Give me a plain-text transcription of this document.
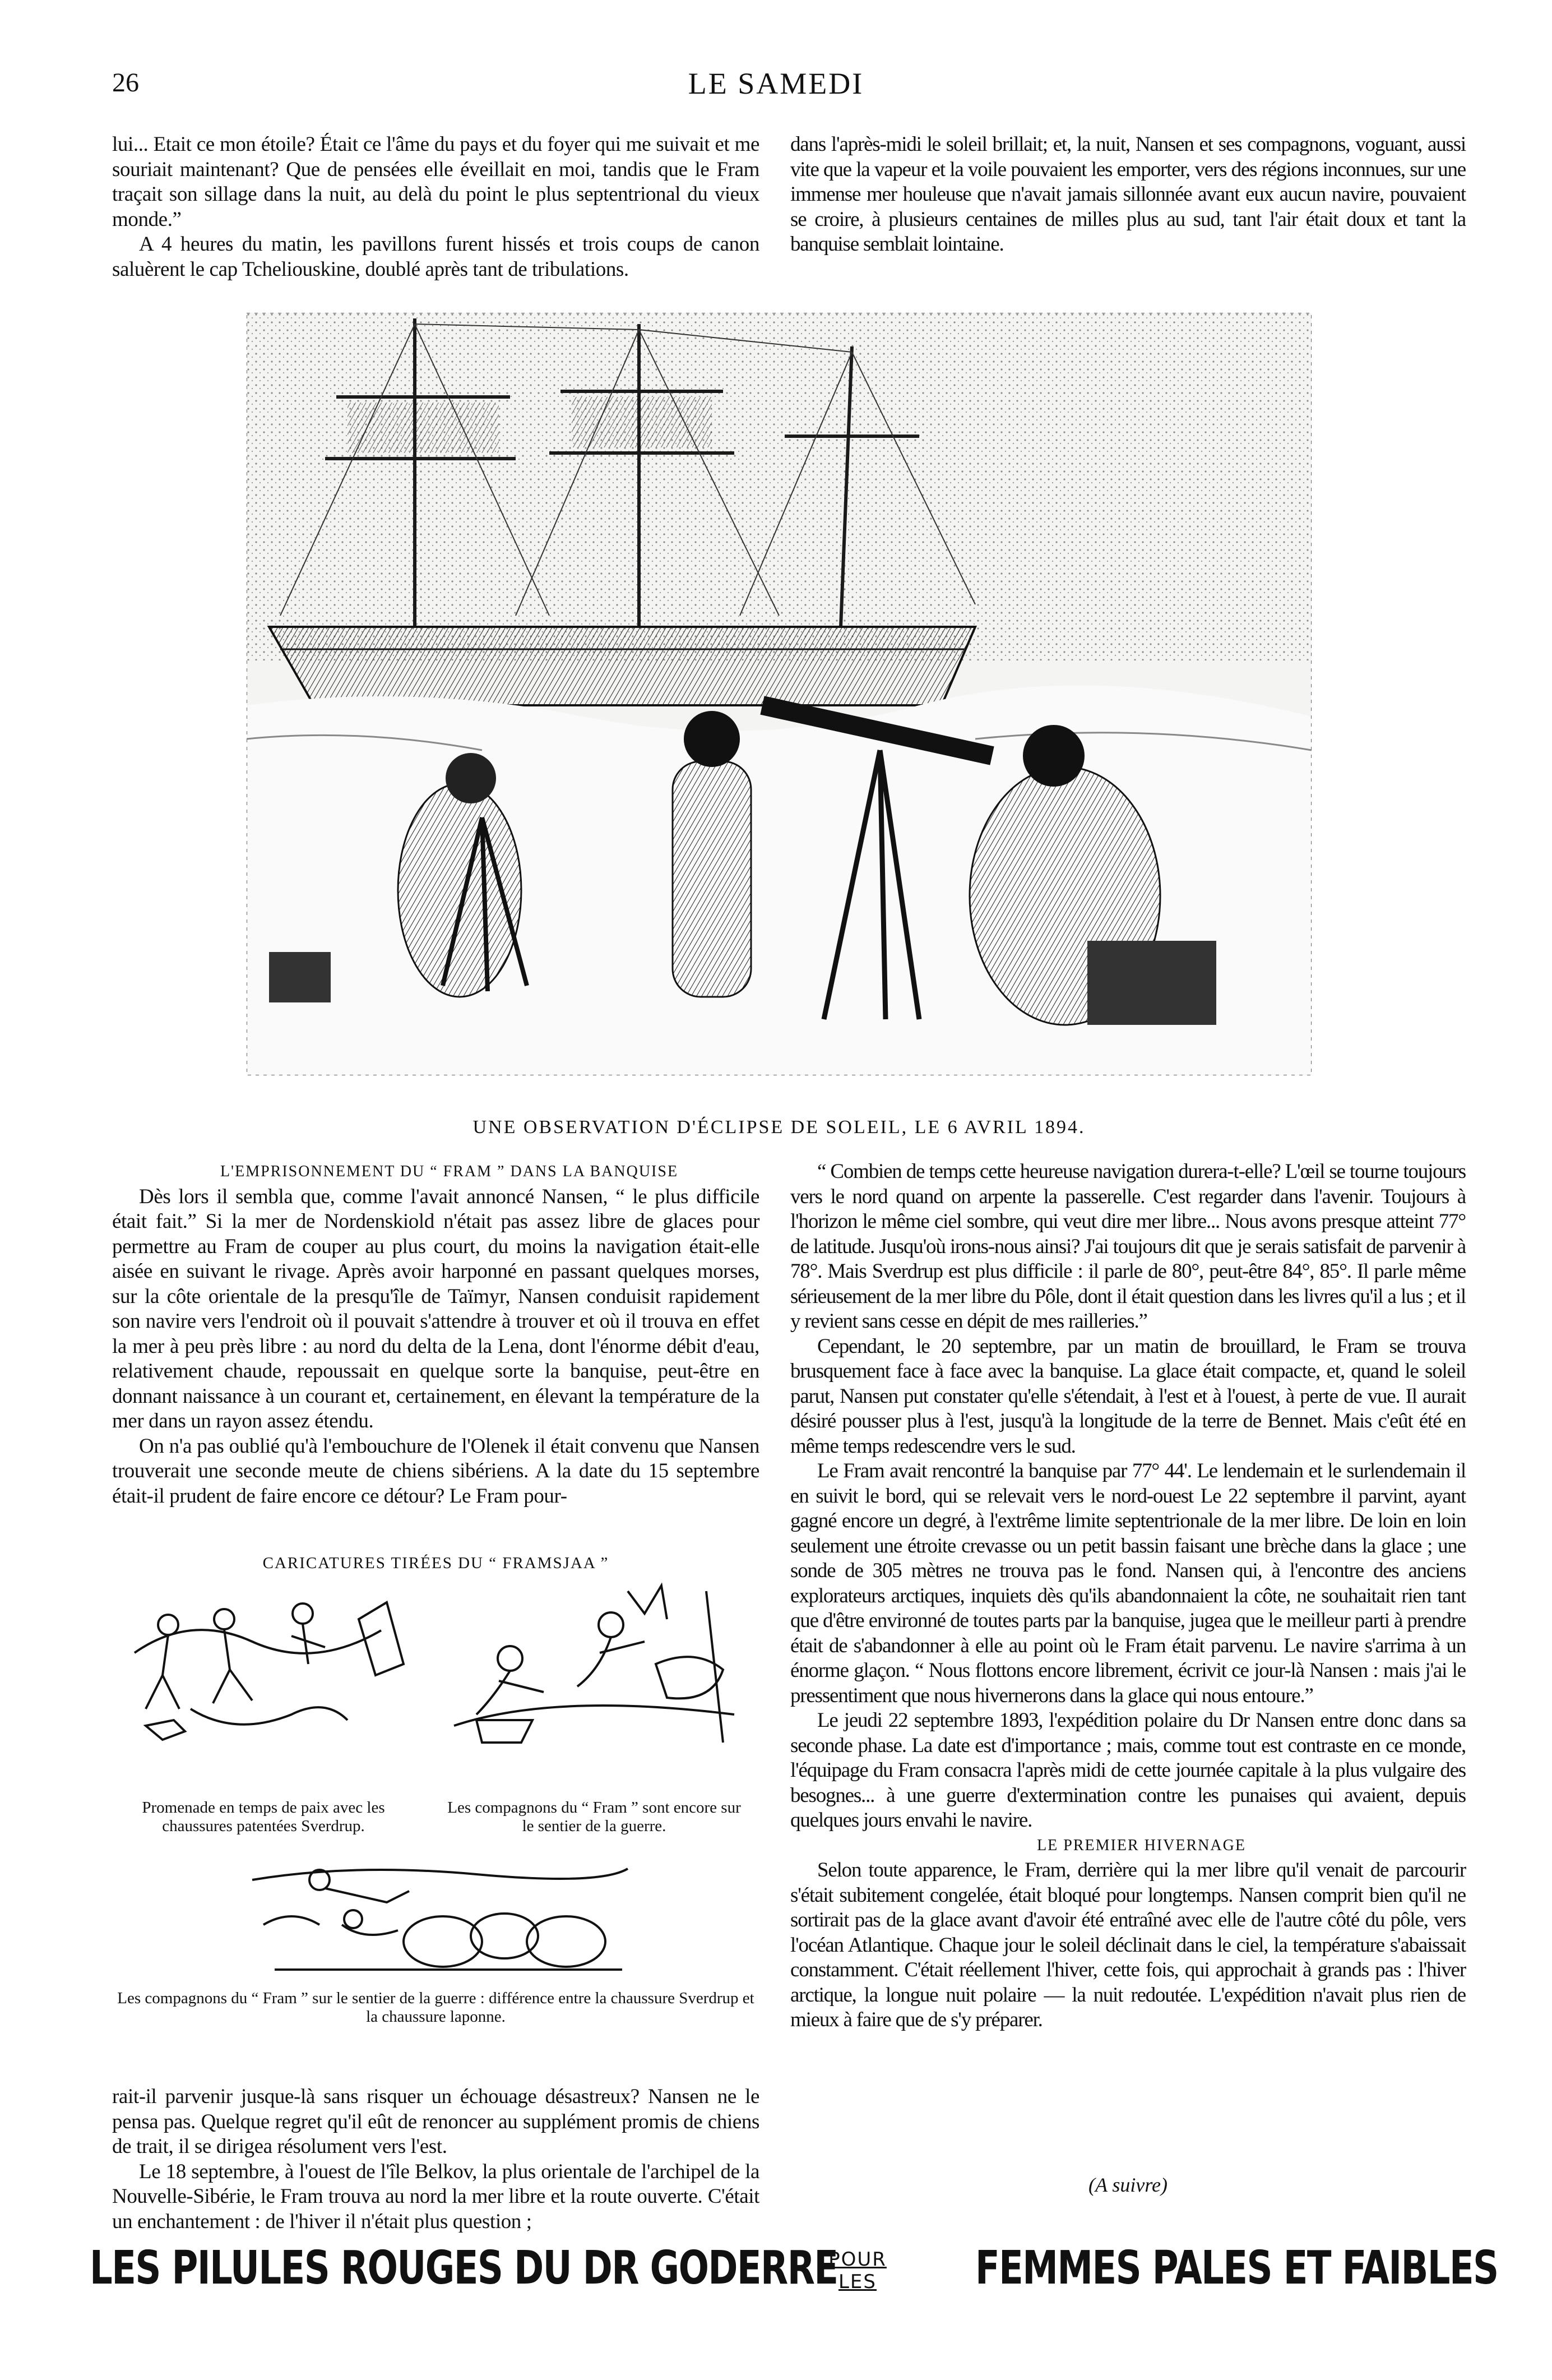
26	LE SAMEDI

lui... Etait ce mon étoile? Était ce l'âme du pays et du foyer qui me suivait et me souriait maintenant? Que de pensées elle éveillait en moi, tandis que le Fram traçait son sillage dans la nuit, au delà du point le plus septentrional du vieux monde.”

A 4 heures du matin, les pavillons furent hissés et trois coups de canon saluèrent le cap Tcheliouskine, doublé après tant de tribulations.

dans l'après-midi le soleil brillait; et, la nuit, Nansen et ses compagnons, voguant, aussi vite que la vapeur et la voile pouvaient les emporter, vers des régions inconnues, sur une immense mer houleuse que n'avait jamais sillonnée avant eux aucun navire, pouvaient se croire, à plusieurs centaines de milles plus au sud, tant l'air était doux et tant la banquise semblait lointaine.

UNE OBSERVATION D'ÉCLIPSE DE SOLEIL, LE 6 AVRIL 1894.

L'EMPRISONNEMENT DU “ FRAM ” DANS LA BANQUISE

Dès lors il sembla que, comme l'avait annoncé Nansen, “ le plus difficile était fait.” Si la mer de Nordenskiold n'était pas assez libre de glaces pour permettre au Fram de couper au plus court, du moins la navigation était-elle aisée en suivant le rivage. Après avoir harponné en passant quelques morses, sur la côte orientale de la presqu'île de Taïmyr, Nansen conduisit rapidement son navire vers l'endroit où il pouvait s'attendre à trouver et où il trouva en effet la mer à peu près libre : au nord du delta de la Lena, dont l'énorme débit d'eau, relativement chaude, repoussait en quelque sorte la banquise, peut-être en donnant naissance à un courant et, certainement, en élevant la température de la mer dans un rayon assez étendu.

On n'a pas oublié qu'à l'embouchure de l'Olenek il était convenu que Nansen trouverait une seconde meute de chiens sibériens. A la date du 15 septembre était-il prudent de faire encore ce détour? Le Fram pour-

CARICATURES TIRÉES DU “ FRAMSJAA ”
Promenade en temps de paix avec les chaussures patentées Sverdrup.
Les compagnons du “ Fram ” sont encore sur le sentier de la guerre.
Les compagnons du “ Fram ” sur le sentier de la guerre : différence entre la chaussure Sverdrup et la chaussure laponne.

rait-il parvenir jusque-là sans risquer un échouage désastreux? Nansen ne le pensa pas. Quelque regret qu'il eût de renoncer au supplément promis de chiens de trait, il se dirigea résolument vers l'est.

Le 18 septembre, à l'ouest de l'île Belkov, la plus orientale de l'archipel de la Nouvelle-Sibérie, le Fram trouva au nord la mer libre et la route ouverte. C'était un enchantement : de l'hiver il n'était plus question ;

“ Combien de temps cette heureuse navigation durera-t-elle? L'œil se tourne toujours vers le nord quand on arpente la passerelle. C'est regarder dans l'avenir. Toujours à l'horizon le même ciel sombre, qui veut dire mer libre... Nous avons presque atteint 77° de latitude. Jusqu'où irons-nous ainsi? J'ai toujours dit que je serais satisfait de parvenir à 78°. Mais Sverdrup est plus difficile : il parle de 80°, peut-être 84°, 85°. Il parle même sérieusement de la mer libre du Pôle, dont il était question dans les livres qu'il a lus ; et il y revient sans cesse en dépit de mes railleries.”

Cependant, le 20 septembre, par un matin de brouillard, le Fram se trouva brusquement face à face avec la banquise. La glace était compacte, et, quand le soleil parut, Nansen put constater qu'elle s'étendait, à l'est et à l'ouest, à perte de vue. Il aurait désiré pousser plus à l'est, jusqu'à la longitude de la terre de Bennet. Mais c'eût été en même temps redescendre vers le sud.

Le Fram avait rencontré la banquise par 77° 44'. Le lendemain et le surlendemain il en suivit le bord, qui se relevait vers le nord-ouest Le 22 septembre il parvint, ayant gagné encore un degré, à l'extrême limite septentrionale de la mer libre. De loin en loin seulement une étroite crevasse ou un petit bassin faisant une brèche dans la glace ; une sonde de 305 mètres ne trouva pas le fond. Nansen qui, à l'encontre des anciens explorateurs arctiques, inquiets dès qu'ils abandonnaient la côte, ne souhaitait rien tant que d'être environné de toutes parts par la banquise, jugea que le meilleur parti à prendre était de s'abandonner à elle au point où le Fram était parvenu. Le navire s'arrima à un énorme glaçon. “ Nous flottons encore librement, écrivit ce jour-là Nansen : mais j'ai le pressentiment que nous hivernerons dans la glace qui nous entoure.”

Le jeudi 22 septembre 1893, l'expédition polaire du Dr Nansen entre donc dans sa seconde phase. La date est d'importance ; mais, comme tout est contraste en ce monde, l'équipage du Fram consacra l'après midi de cette journée capitale à la plus vulgaire des besognes... à une guerre d'extermination contre les punaises qui avaient, depuis quelques jours envahi le navire.

LE PREMIER HIVERNAGE

Selon toute apparence, le Fram, derrière qui la mer libre qu'il venait de parcourir s'était subitement congelée, était bloqué pour longtemps. Nansen comprit bien qu'il ne sortirait pas de la glace avant d'avoir été entraîné avec elle de l'autre côté du pôle, vers l'océan Atlantique. Chaque jour le soleil déclinait dans le ciel, la température s'abaissait constamment. C'était réellement l'hiver, cette fois, qui approchait à grands pas : l'hiver arctique, la longue nuit polaire — la nuit redoutée. L'expédition n'avait plus rien de mieux à faire que de s'y préparer.

(A suivre)
LES PILULES ROUGES DU DR GODERRE
POUR
LES	FEMMES PALES ET FAIBLES
